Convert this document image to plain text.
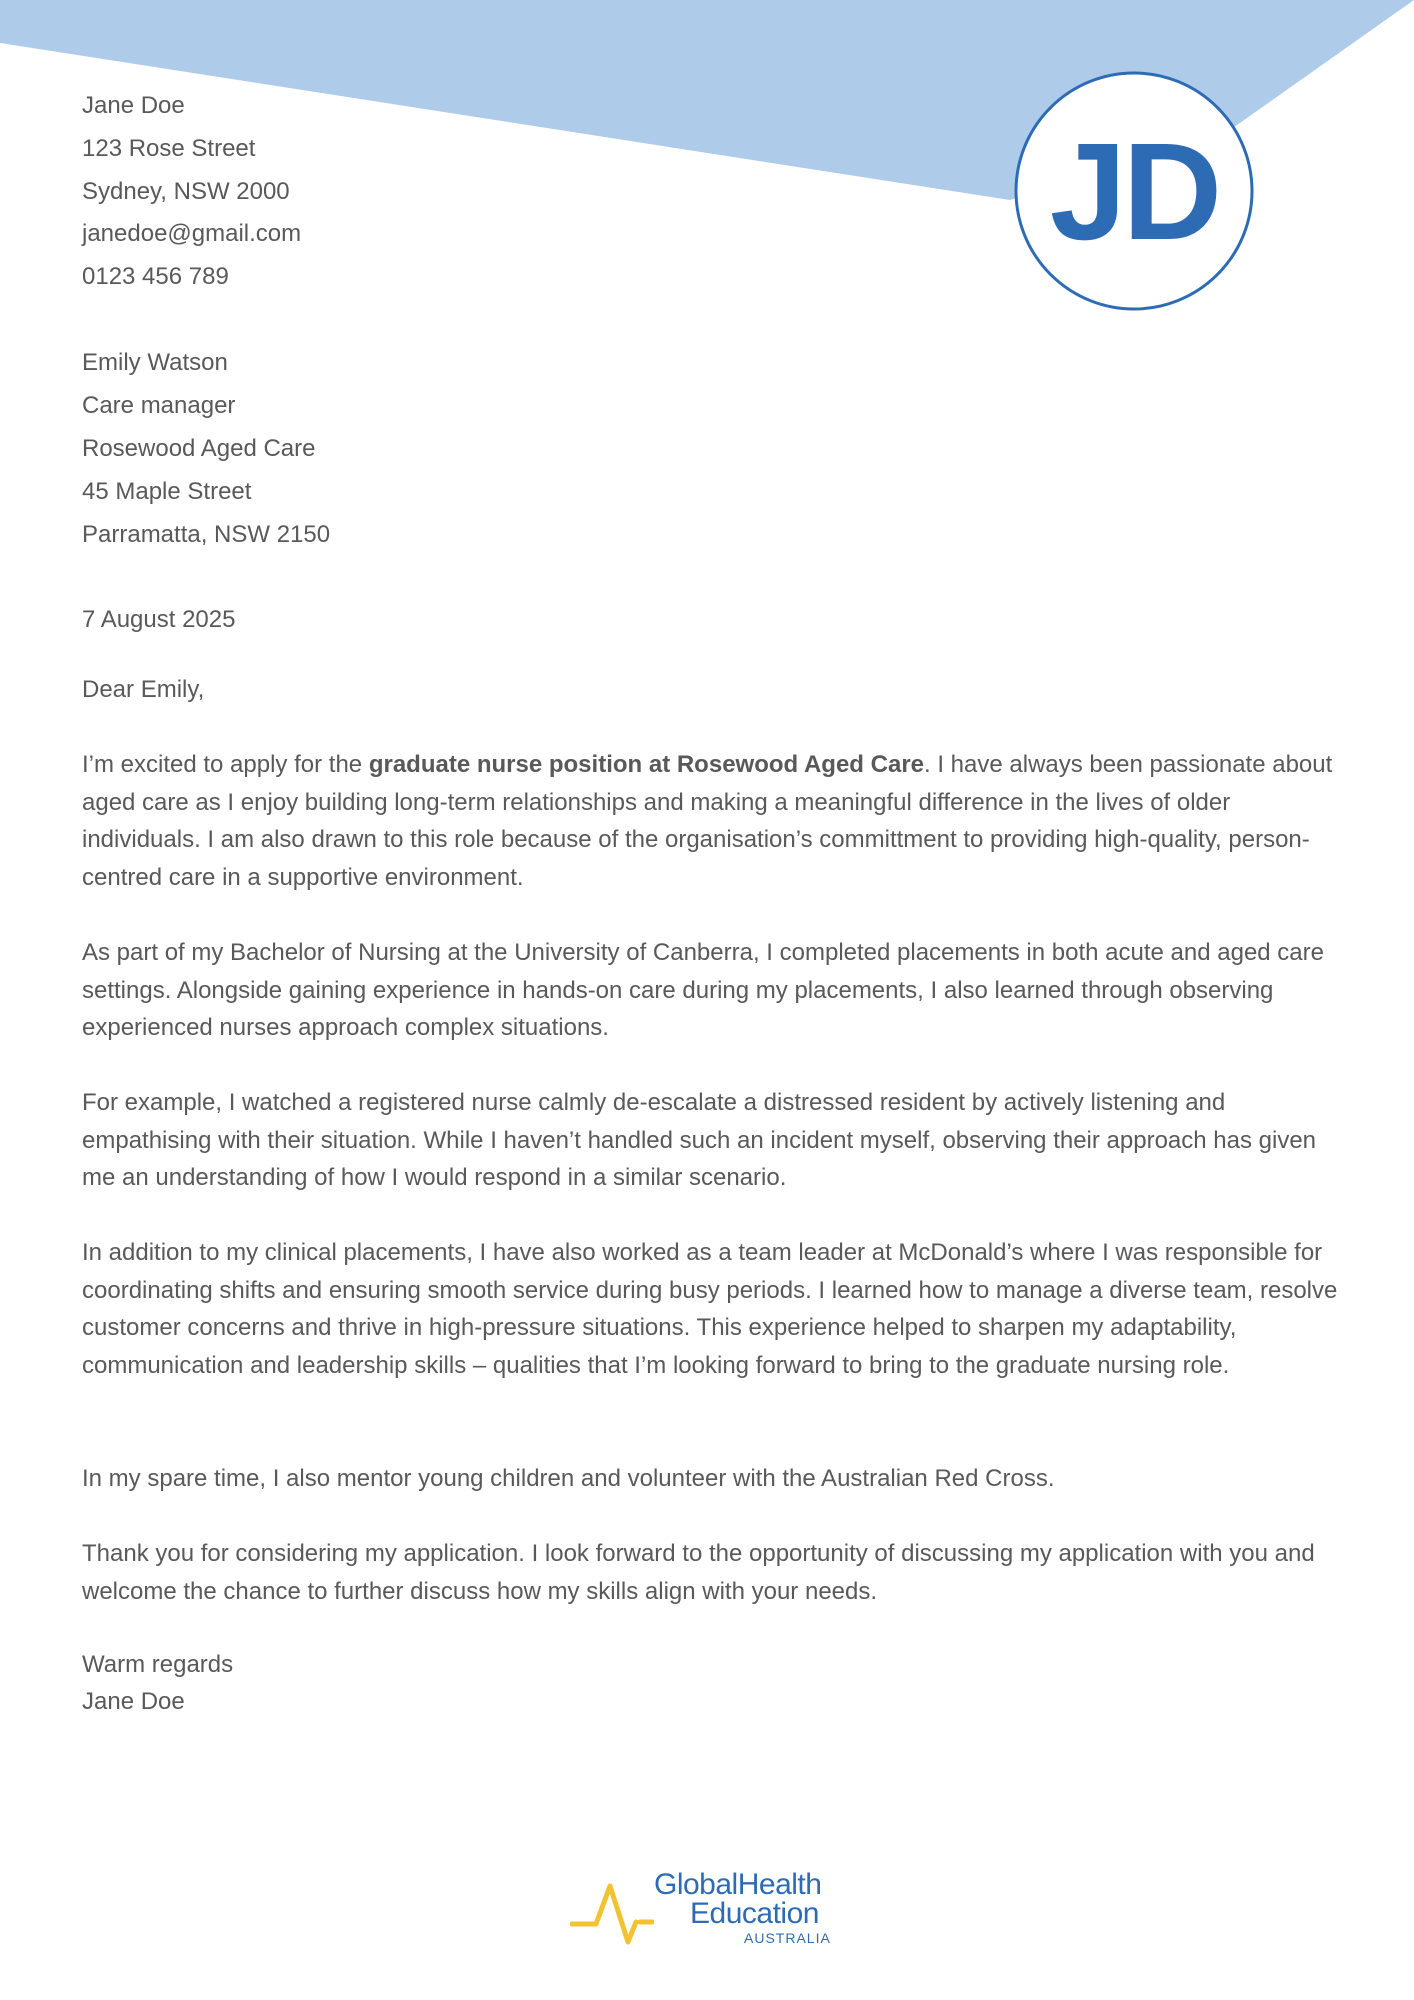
JD
Jane Doe
123 Rose Street
Sydney, NSW 2000
janedoe@gmail.com
0123 456 789
Emily Watson
Care manager
Rosewood Aged Care
45 Maple Street
Parramatta, NSW 2150
7 August 2025
Dear Emily,
I’m excited to apply for the graduate nurse position at Rosewood Aged Care. I have always been passionate about aged care as I enjoy building long-term relationships and making a meaningful difference in the lives of older individuals. I am also drawn to this role because of the organisation’s committment to providing high-quality, person-centred care in a supportive environment.
As part of my Bachelor of Nursing at the University of Canberra, I completed placements in both acute and aged care settings. Alongside gaining experience in hands-on care during my placements, I also learned through observing experienced nurses approach complex situations.
For example, I watched a registered nurse calmly de-escalate a distressed resident by actively listening and empathising with their situation. While I haven’t handled such an incident myself, observing their approach has given me an understanding of how I would respond in a similar scenario.
In addition to my clinical placements, I have also worked as a team leader at McDonald’s where I was responsible for coordinating shifts and ensuring smooth service during busy periods. I learned how to manage a diverse team, resolve customer concerns and thrive in high-pressure situations. This experience helped to sharpen my adaptability, communication and leadership skills – qualities that I’m looking forward to bring to the graduate nursing role.
In my spare time, I also mentor young children and volunteer with the Australian Red Cross.
Thank you for considering my application. I look forward to the opportunity of discussing my application with you and welcome the chance to further discuss how my skills align with your needs.
Warm regards
Jane Doe
GlobalHealth
Education
AUSTRALIA
